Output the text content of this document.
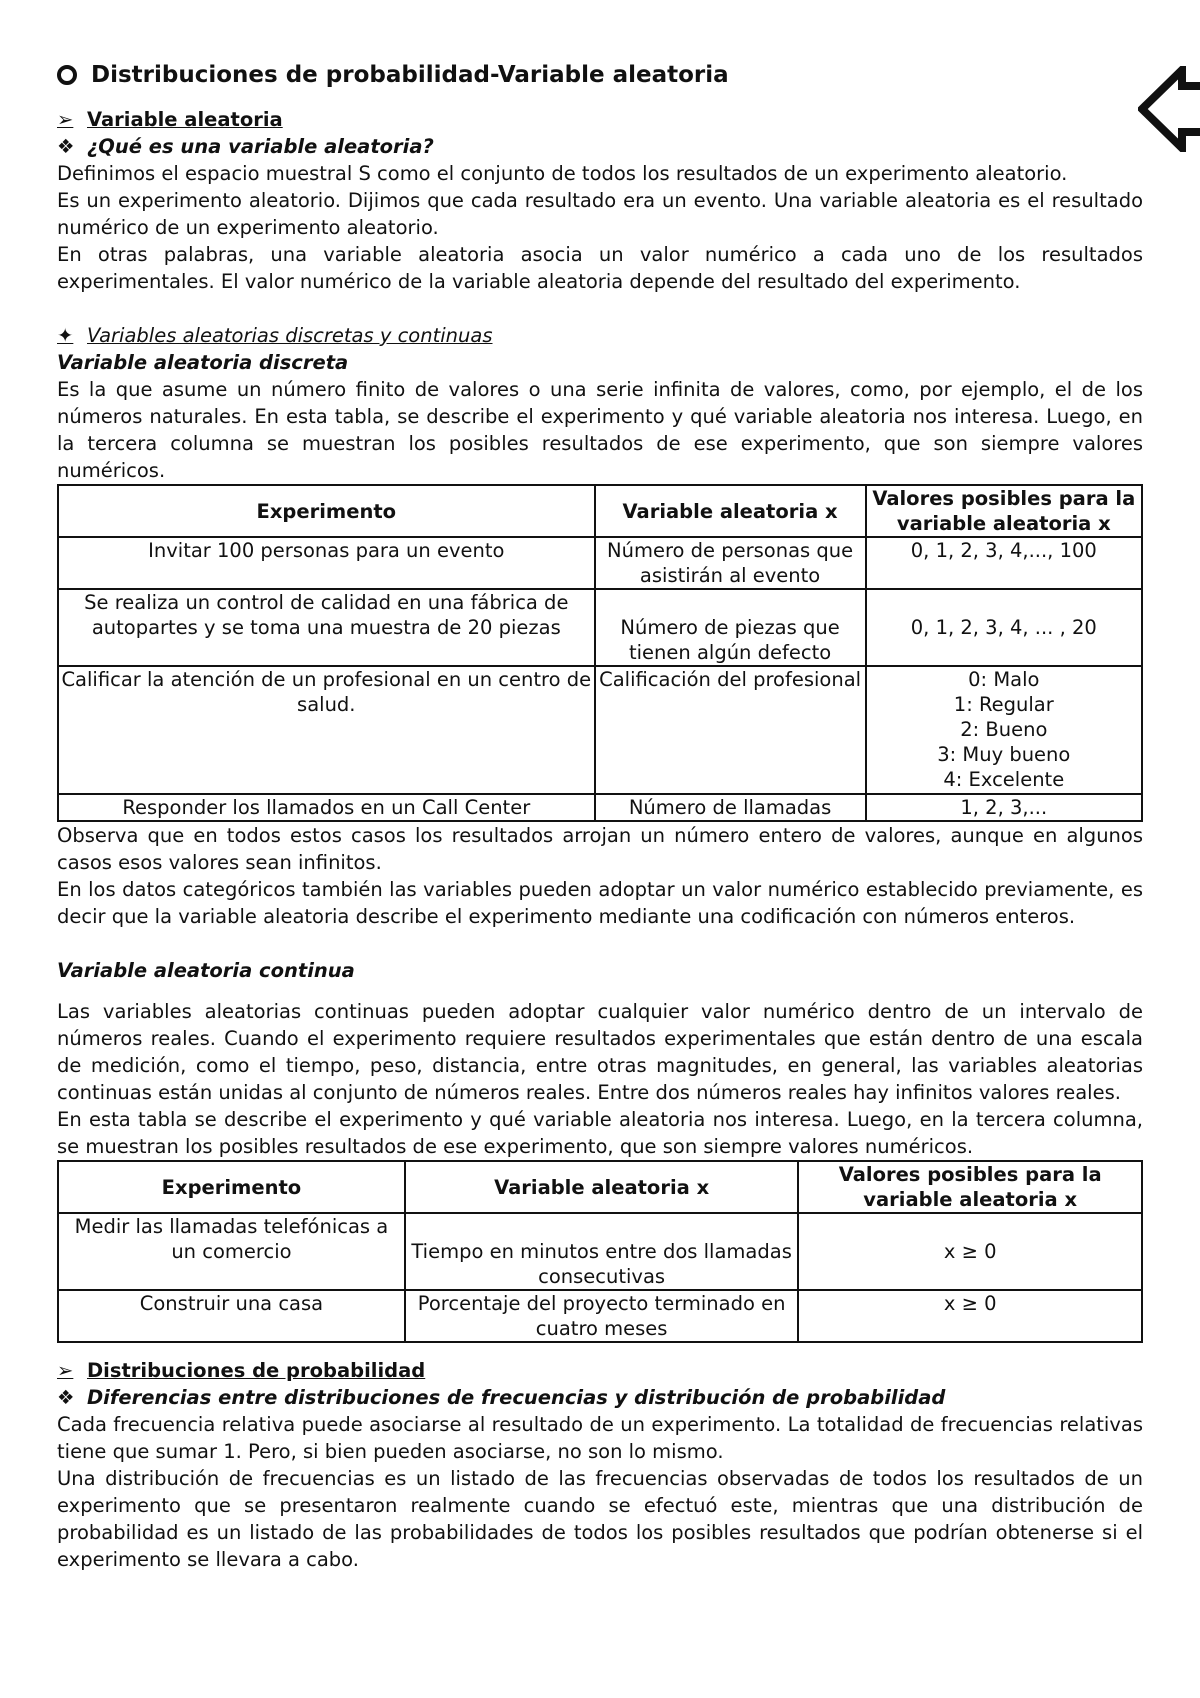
Distribuciones de probabilidad-Variable aleatoria
➢ Variable aleatoria
❖ ¿Qué es una variable aleatoria?

Definimos el espacio muestral S como el conjunto de todos los resultados de un experimento aleatorio.

Es un experimento aleatorio. Dijimos que cada resultado era un evento. Una variable aleatoria es el resultado numérico de un experimento aleatorio.

En otras palabras, una variable aleatoria asocia un valor numérico a cada uno de los resultados experimentales. El valor numérico de la variable aleatoria depende del resultado del experimento.

✦ Variables aleatorias discretas y continuas
Variable aleatoria discreta

Es la que asume un número finito de valores o una serie infinita de valores, como, por ejemplo, el de los números naturales. En esta tabla, se describe el experimento y qué variable aleatoria nos interesa. Luego, en la tercera columna se muestran los posibles resultados de ese experimento, que son siempre valores numéricos.

Experimento	Variable aleatoria x	Valores posibles para la variable aleatoria x
Invitar 100 personas para un evento	Número de personas que asistirán al evento	0, 1, 2, 3, 4,..., 100
Se realiza un control de calidad en una fábrica de autopartes y se toma una muestra de 20 piezas	Número de piezas que tienen algún defecto	0, 1, 2, 3, 4, ... , 20
Calificar la atención de un profesional en un centro de salud.	Calificación del profesional	0: Malo
1: Regular
2: Bueno
3: Muy bueno
4: Excelente

Responder los llamados en un Call Center	Número de llamadas	1, 2, 3,...

Observa que en todos estos casos los resultados arrojan un número entero de valores, aunque en algunos casos esos valores sean infinitos.

En los datos categóricos también las variables pueden adoptar un valor numérico establecido previamente, es decir que la variable aleatoria describe el experimento mediante una codificación con números enteros.

Variable aleatoria continua

Las variables aleatorias continuas pueden adoptar cualquier valor numérico dentro de un intervalo de números reales. Cuando el experimento requiere resultados experimentales que están dentro de una escala de medición, como el tiempo, peso, distancia, entre otras magnitudes, en general, las variables aleatorias continuas están unidas al conjunto de números reales. Entre dos números reales hay infinitos valores reales.

En esta tabla se describe el experimento y qué variable aleatoria nos interesa. Luego, en la tercera columna, se muestran los posibles resultados de ese experimento, que son siempre valores numéricos.

Experimento	Variable aleatoria x	Valores posibles para la variable aleatoria x
Medir las llamadas telefónicas a un comercio	Tiempo en minutos entre dos llamadas consecutivas	x ≥ 0
Construir una casa	Porcentaje del proyecto terminado en cuatro meses	x ≥ 0
➢ Distribuciones de probabilidad
❖ Diferencias entre distribuciones de frecuencias y distribución de probabilidad

Cada frecuencia relativa puede asociarse al resultado de un experimento. La totalidad de frecuencias relativas tiene que sumar 1. Pero, si bien pueden asociarse, no son lo mismo.

Una distribución de frecuencias es un listado de las frecuencias observadas de todos los resultados de un experimento que se presentaron realmente cuando se efectuó este, mientras que una distribución de probabilidad es un listado de las probabilidades de todos los posibles resultados que podrían obtenerse si el experimento se llevara a cabo.
